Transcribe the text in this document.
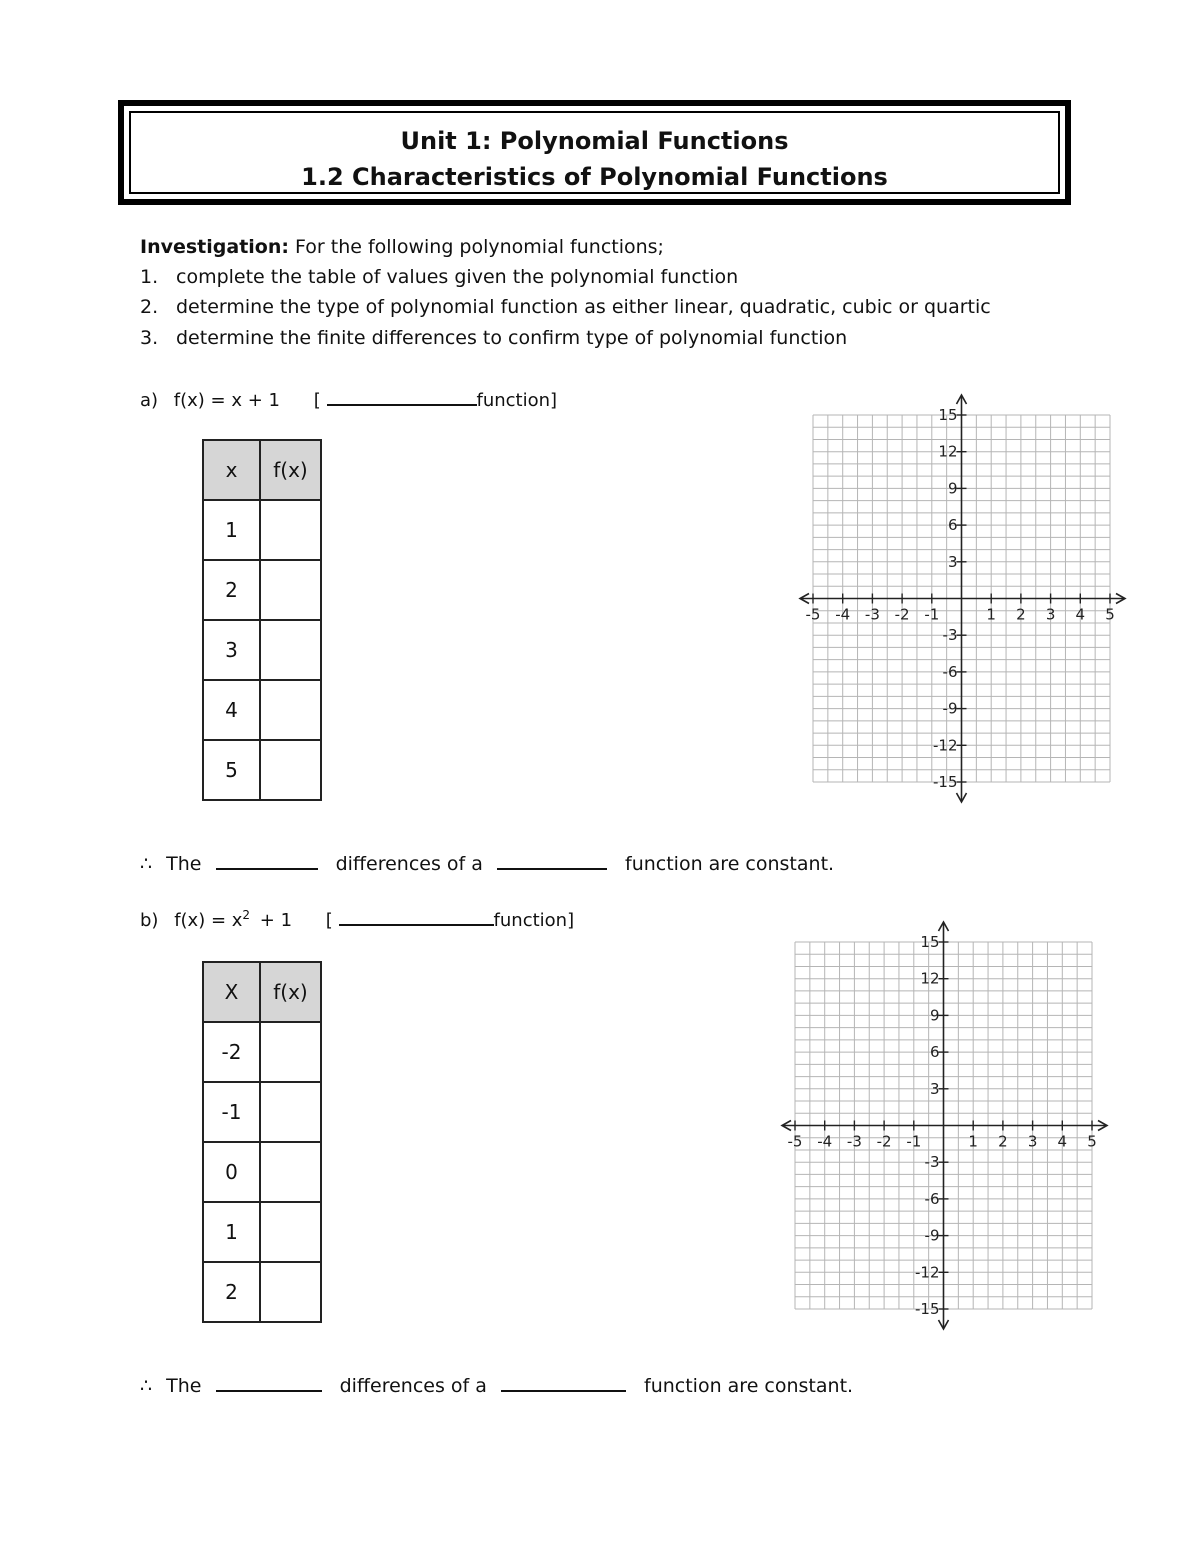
Unit 1: Polynomial Functions

1.2 Characteristics of Polynomial Functions

Investigation: For the following polynomial functions;
1. complete the table of values given the polynomial function
2. determine the type of polynomial function as either linear, quadratic, cubic or quartic
3. determine the finite differences to confirm type of polynomial function
a) f(x) = x + 1 [	function]
x	f(x)
1	
2	
3	
4	
5	
-5 -4 -3 -2 -1	1 2 3 4 5
15
12
9
6
3
-3
-6
-9
-12
-15
∴ The	differences of a	function are constant.
b) $f(x) = x^2 + 1$ [	function]
X	f(x)
-2	
-1	
0	
1	
2	
-5 -4 -3 -2 -1	1 2 3 4 5
15
12
9
6
3
-3
-6
-9
-12
-15
∴ The	differences of a	function are constant.
